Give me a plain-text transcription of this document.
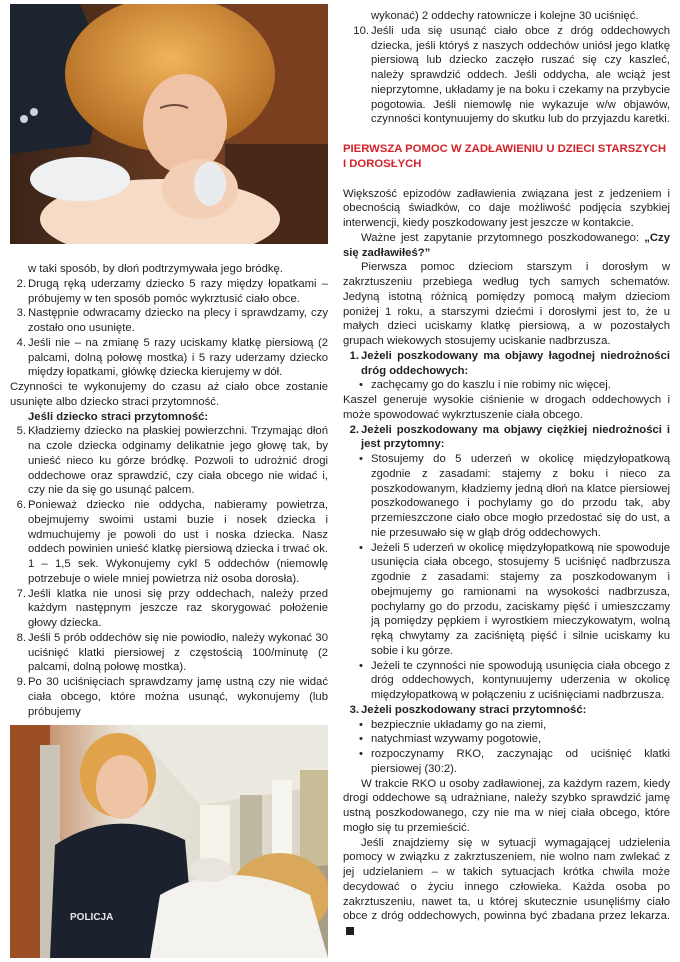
w taki sposób, by dłoń podtrzymywała jego bródkę.

2. Drugą ręką uderzamy dziecko 5 razy między łopatkami – próbujemy w ten sposób pomóc wykrztusić ciało obce.
3. Następnie odwracamy dziecko na plecy i sprawdzamy, czy zostało ono usunięte.
4. Jeśli nie – na zmianę 5 razy uciskamy klatkę piersiową (2 palcami, dolną połowę mostka) i 5 razy uderzamy dziecko między łopatkami, główkę dziecka kierujemy w dół.

Czynności te wykonujemy do czasu aż ciało obce zostanie usunięte albo dziecko straci przytomność.

Jeśli dziecko straci przytomność:

5. Kładziemy dziecko na płaskiej powierzchni. Trzymając dłoń na czole dziecka odginamy delikatnie jego głowę tak, by unieść nieco ku górze bródkę. Pozwoli to udrożnić drogi oddechowe oraz sprawdzić, czy ciała obcego nie widać i, czy nie da się go usunąć palcem.
6. Ponieważ dziecko nie oddycha, nabieramy powietrza, obejmujemy swoimi ustami buzie i nosek dziecka i wdmuchujemy je powoli do ust i noska dziecka. Nasz oddech powinien unieść klatkę piersiową dziecka i trwać ok. 1 – 1,5 sek. Wykonujemy cykl 5 oddechów (niemowlę potrzebuje o wiele mniej powietrza niż osoba dorosła).
7. Jeśli klatka nie unosi się przy oddechach, należy przed każdym następnym jeszcze raz skorygować położenie głowy dziecka.
8. Jeśli 5 prób oddechów się nie powiodło, należy wykonać 30 uciśnięć klatki piersiowej z częstością 100/minutę (2 palcami, dolną połowę mostka).
9. Po 30 uciśnięciach sprawdzamy jamę ustną czy nie widać ciała obcego, które można usunąć, wykonujemy (lub próbujemy
POLICJA

wykonać) 2 oddechy ratownicze i kolejne 30 uciśnięć.

10. Jeśli uda się usunąć ciało obce z dróg oddechowych dziecka, jeśli któryś z naszych oddechów uniósł jego klatkę piersiową lub dziecko zaczęło ruszać się czy kaszleć, należy sprawdzić oddech. Jeśli oddycha, ale wciąż jest nieprzytomne, układamy je na boku i czekamy na przybycie pogotowia. Jeśli niemowlę nie wykazuje w/w objawów, czynności kontynuujemy do skutku lub do przyjazdu karetki.

PIERWSZA POMOC W ZADŁAWIENIU U DZIECI STARSZYCH I DOROSŁYCH

Większość epizodów zadławienia związana jest z jedzeniem i obecnością świadków, co daje możliwość podjęcia szybkiej interwencji, kiedy poszkodowany jest jeszcze w kontakcie.

Ważne jest zapytanie przytomnego poszkodowanego: „Czy się zadławiłeś?”

Pierwsza pomoc dzieciom starszym i dorosłym w zakrztuszeniu przebiega według tych samych schematów. Jedyną istotną różnicą pomiędzy pomocą małym dzieciom poniżej 1 roku, a starszymi dziećmi i dorosłymi jest to, że u małych dzieci uciskamy klatkę piersiową, a w pozostałych grupach wiekowych stosujemy uciskanie nadbrzusza.

1. Jeżeli poszkodowany ma objawy łagodnej niedrożności dróg oddechowych:
• zachęcamy go do kaszlu i nie robimy nic więcej.

Kaszel generuje wysokie ciśnienie w drogach oddechowych i może spowodować wykrztuszenie ciała obcego.

2. Jeżeli poszkodowany ma objawy ciężkiej niedrożności i jest przytomny:
• Stosujemy do 5 uderzeń w okolicę międzyłopatkową zgodnie z zasadami: stajemy z boku i nieco za poszkodowanym, kładziemy jedną dłoń na klatce piersiowej poszkodowanego i pochylamy go do przodu tak, aby przemieszczone ciało obce mogło przedostać się do ust, a nie przesuwało się w głąb dróg oddechowych.
• Jeżeli 5 uderzeń w okolicę międzyłopatkową nie spowoduje usunięcia ciała obcego, stosujemy 5 uciśnięć nadbrzusza zgodnie z zasadami: stajemy za poszkodowanym i obejmujemy go ramionami na wysokości nadbrzusza, pochylamy go do przodu, zaciskamy pięść i umieszczamy ją pomiędzy pępkiem i wyrostkiem mieczykowatym, wolną ręką chwytamy za zaciśniętą pięść i silnie uciskamy ku sobie i ku górze.
• Jeżeli te czynności nie spowodują usunięcia ciała obcego z dróg oddechowych, kontynuujemy uderzenia w okolicę międzyłopatkową w połączeniu z uciśnięciami nadbrzusza.
3. Jeżeli poszkodowany straci przytomność:
• bezpiecznie układamy go na ziemi,
• natychmiast wzywamy pogotowie,
• rozpoczynamy RKO, zaczynając od uciśnięć klatki piersiowej (30:2).

W trakcie RKO u osoby zadławionej, za każdym razem, kiedy drogi oddechowe są udrażniane, należy szybko sprawdzić jamę ustną poszkodowanego, czy nie ma w niej ciała obcego, które mogło się tu przemieścić.

Jeśli znajdziemy się w sytuacji wymagającej udzielenia pomocy w związku z zakrztuszeniem, nie wolno nam zwlekać z jej udzielaniem – w takich sytuacjach krótka chwila może decydować o życiu innego człowieka. Każda osoba po zakrztuszeniu, nawet ta, u której skutecznie usunęliśmy ciało obce z dróg oddechowych, powinna być zbadana przez lekarza.
